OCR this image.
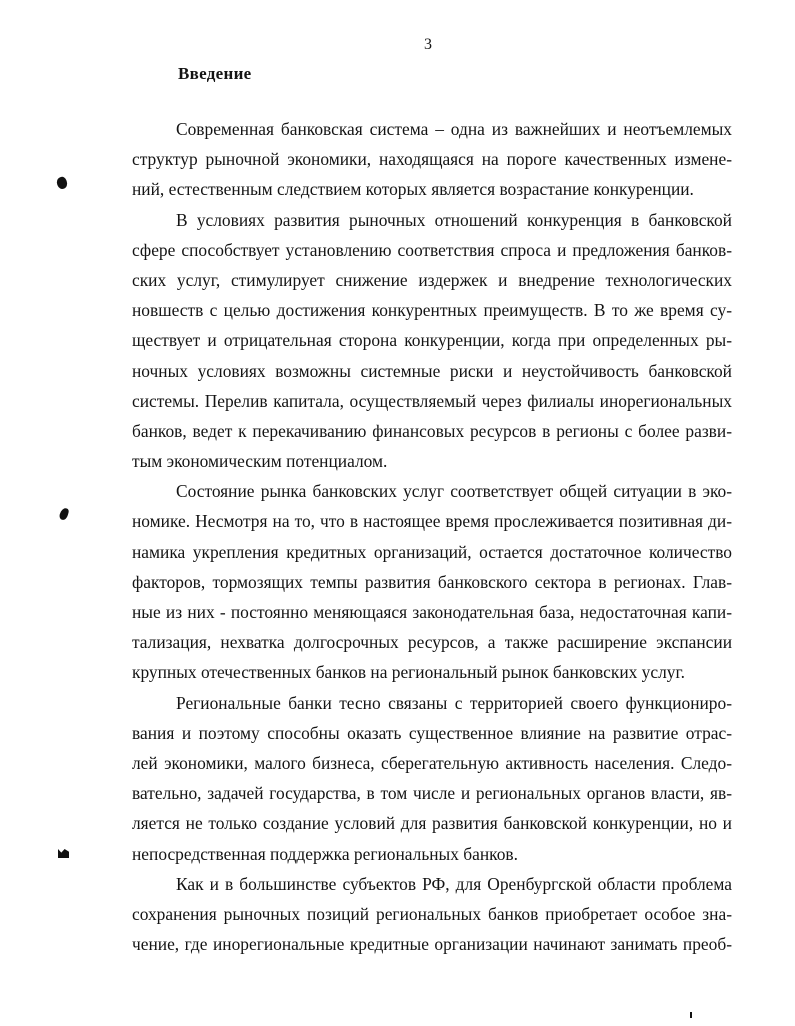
3
Введение
Современная банковская система – одна из важнейших и неотъемлемых
структур рыночной экономики, находящаяся на пороге качественных измене-
ний, естественным следствием которых является возрастание конкуренции.
В условиях развития рыночных отношений конкуренция в банковской
сфере способствует установлению соответствия спроса и предложения банков-
ских услуг, стимулирует снижение издержек и внедрение технологических
новшеств с целью достижения конкурентных преимуществ. В то же время су-
ществует и отрицательная сторона конкуренции, когда при определенных ры-
ночных условиях возможны системные риски и неустойчивость банковской
системы. Перелив капитала, осуществляемый через филиалы инорегиональных
банков, ведет к перекачиванию финансовых ресурсов в регионы с более разви-
тым экономическим потенциалом.
Состояние рынка банковских услуг соответствует общей ситуации в эко-
номике. Несмотря на то, что в настоящее время прослеживается позитивная ди-
намика укрепления кредитных организаций, остается достаточное количество
факторов, тормозящих темпы развития банковского сектора в регионах. Глав-
ные из них - постоянно меняющаяся законодательная база, недостаточная капи-
тализация, нехватка долгосрочных ресурсов, а также расширение экспансии
крупных отечественных банков на региональный рынок банковских услуг.
Региональные банки тесно связаны с территорией своего функциониро-
вания и поэтому способны оказать существенное влияние на развитие отрас-
лей экономики, малого бизнеса, сберегательную активность населения. Следо-
вательно, задачей государства, в том числе и региональных органов власти, яв-
ляется не только создание условий для развития банковской конкуренции, но и
непосредственная поддержка региональных банков.
Как и в большинстве субъектов РФ, для Оренбургской области проблема
сохранения рыночных позиций региональных банков приобретает особое зна-
чение, где инорегиональные кредитные организации начинают занимать преоб-
